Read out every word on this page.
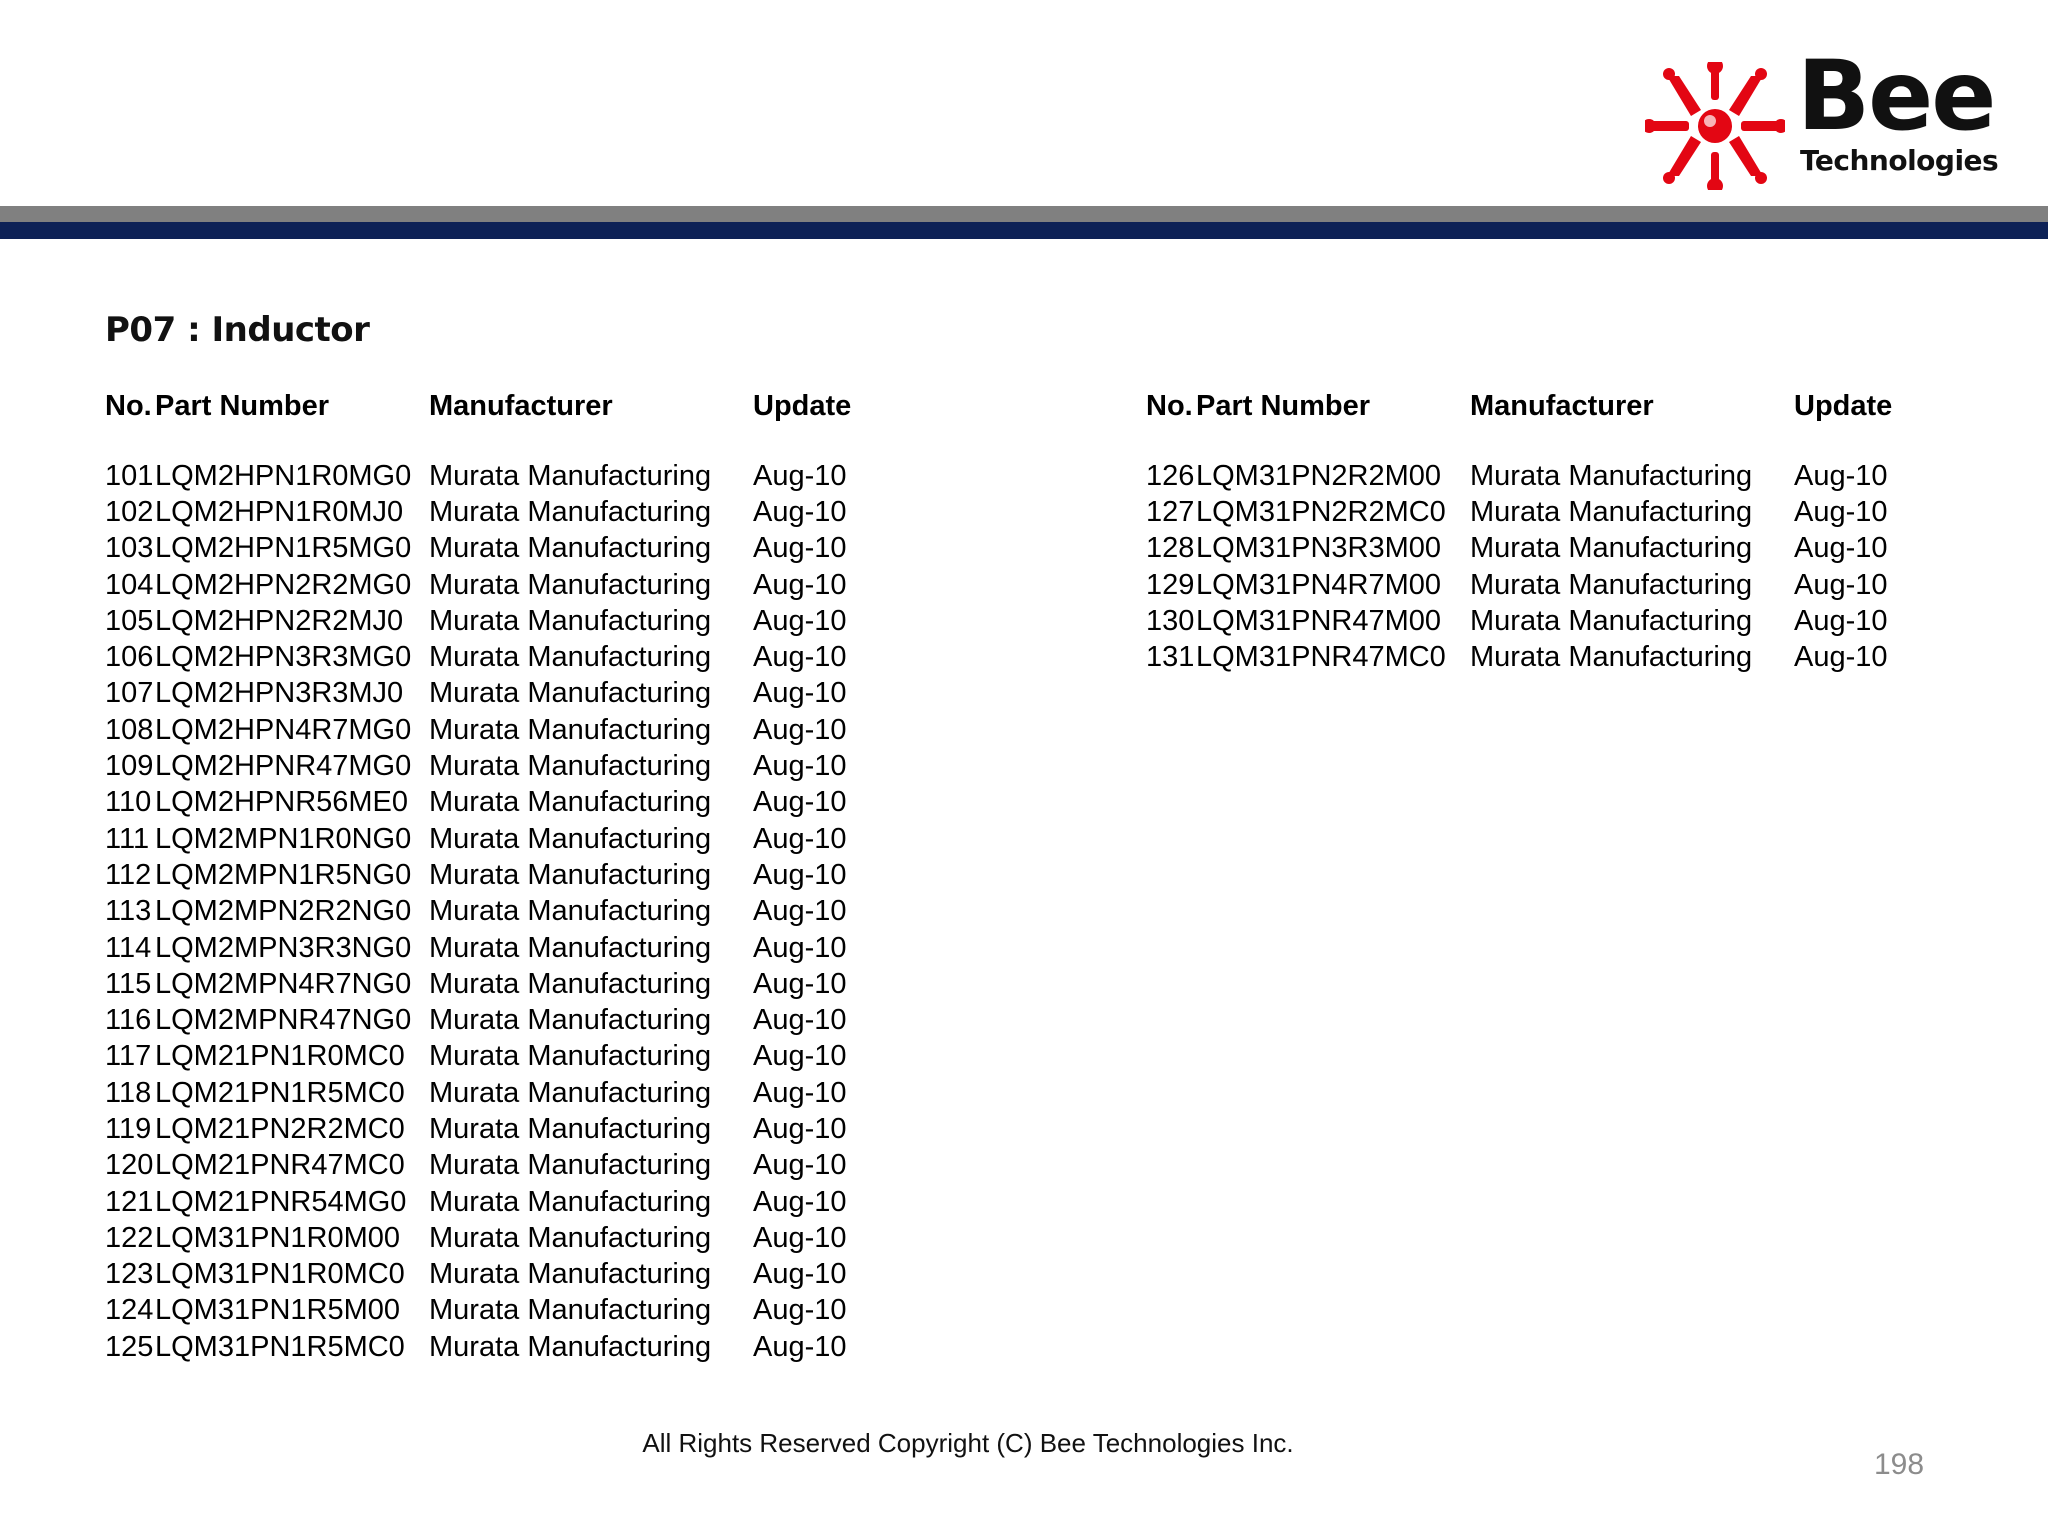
Bee
Technologies
P07 : Inductor
No.	Part Number	Manufacturer	Update

101	LQM2HPN1R0MG0	Murata Manufacturing	Aug-10
102	LQM2HPN1R0MJ0	Murata Manufacturing	Aug-10
103	LQM2HPN1R5MG0	Murata Manufacturing	Aug-10
104	LQM2HPN2R2MG0	Murata Manufacturing	Aug-10
105	LQM2HPN2R2MJ0	Murata Manufacturing	Aug-10
106	LQM2HPN3R3MG0	Murata Manufacturing	Aug-10
107	LQM2HPN3R3MJ0	Murata Manufacturing	Aug-10
108	LQM2HPN4R7MG0	Murata Manufacturing	Aug-10
109	LQM2HPNR47MG0	Murata Manufacturing	Aug-10
110	LQM2HPNR56ME0	Murata Manufacturing	Aug-10
111	LQM2MPN1R0NG0	Murata Manufacturing	Aug-10
112	LQM2MPN1R5NG0	Murata Manufacturing	Aug-10
113	LQM2MPN2R2NG0	Murata Manufacturing	Aug-10
114	LQM2MPN3R3NG0	Murata Manufacturing	Aug-10
115	LQM2MPN4R7NG0	Murata Manufacturing	Aug-10
116	LQM2MPNR47NG0	Murata Manufacturing	Aug-10
117	LQM21PN1R0MC0	Murata Manufacturing	Aug-10
118	LQM21PN1R5MC0	Murata Manufacturing	Aug-10
119	LQM21PN2R2MC0	Murata Manufacturing	Aug-10
120	LQM21PNR47MC0	Murata Manufacturing	Aug-10
121	LQM21PNR54MG0	Murata Manufacturing	Aug-10
122	LQM31PN1R0M00	Murata Manufacturing	Aug-10
123	LQM31PN1R0MC0	Murata Manufacturing	Aug-10
124	LQM31PN1R5M00	Murata Manufacturing	Aug-10
125	LQM31PN1R5MC0	Murata Manufacturing	Aug-10
No.	Part Number	Manufacturer	Update

126	LQM31PN2R2M00	Murata Manufacturing	Aug-10
127	LQM31PN2R2MC0	Murata Manufacturing	Aug-10
128	LQM31PN3R3M00	Murata Manufacturing	Aug-10
129	LQM31PN4R7M00	Murata Manufacturing	Aug-10
130	LQM31PNR47M00	Murata Manufacturing	Aug-10
131	LQM31PNR47MC0	Murata Manufacturing	Aug-10
All Rights Reserved Copyright (C) Bee Technologies Inc.
198
